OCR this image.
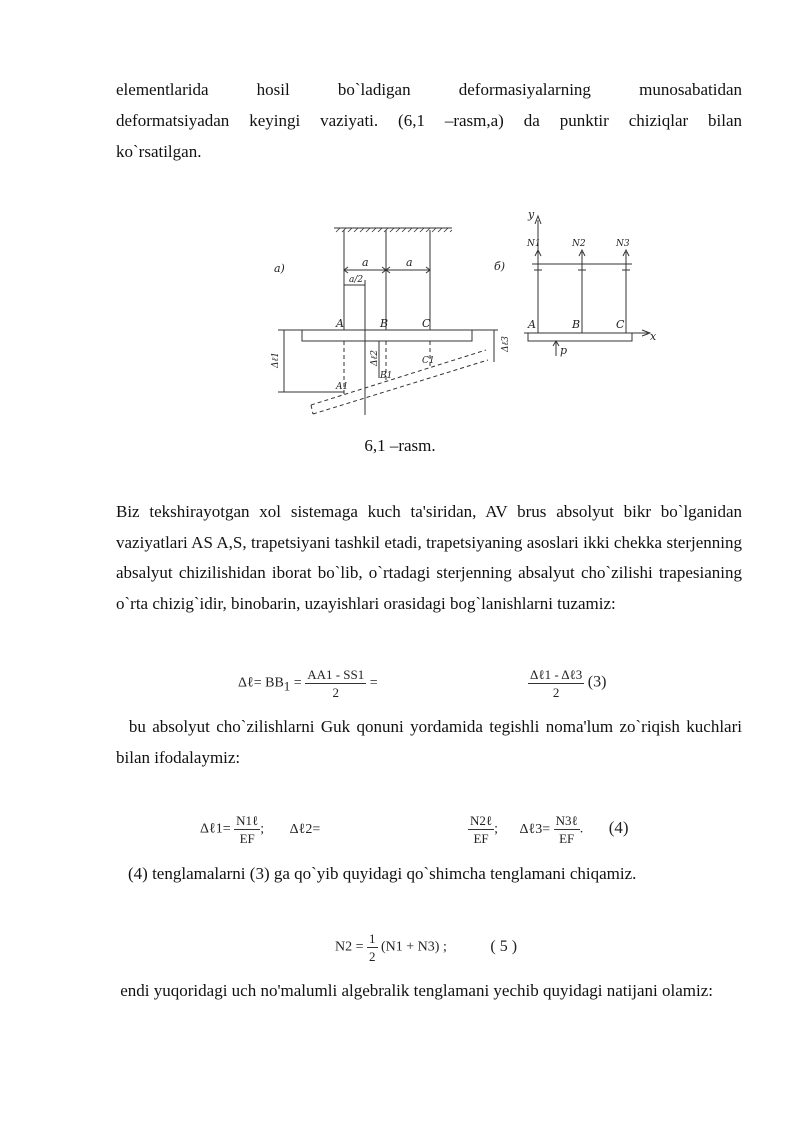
elementlarida	hosil	bo`ladigan	deformasiyalarning	munosabatidan
deformatsiyadan keyingi vaziyati. (6,1 –rasm,a) da punktir chiziqlar bilan
ko`rsatilgan.
a)	б)
a	a
a/2
A	B	C
A1
B1
C1
Δℓ1	Δℓ2
Δℓ3
y
x
N1	N2	N3
A	B	C
p
6,1 –rasm.
Biz tekshirayotgan xol sistemaga kuch ta'siridan, AV brus absolyut bikr bo`lganidan vaziyatlari AS A,S, trapetsiyani tashkil etadi, trapetsiyaning asoslari ikki chekka sterjenning absalyut chizilishidan iborat bo`lib, o`rtadagi sterjenning absalyut cho`zilishi trapesianing o`rta chizig`idir, binobarin, uzayishlari orasidagi bog`lanishlarni tuzamiz:
Δℓ= $BB_1 = \frac{AA1 - SS1}{2}$ =	$\frac{\text{Δℓ1 - Δℓ3}}{2} (3)$
bu absolyut cho`zilishlarni Guk qonuni yordamida tegishli noma'lum zo`riqish kuchlari bilan ifodalaymiz:
Δℓ1= $\frac{\text{N1ℓ}}{EF}$ ; Δℓ2=	$\frac{\text{N2ℓ}}{EF}$ ; Δℓ3= $\frac{\text{N3ℓ}}{EF}$ . (4)
(4) tenglamalarni (3) ga qo`yib quyidagi qo`shimcha tenglamani chiqamiz.
$N2 = \frac{1}{2} (N1 + N3)$ ;	( 5 )
endi yuqoridagi uch no'malumli algebralik tenglamani yechib quyidagi natijani olamiz:
